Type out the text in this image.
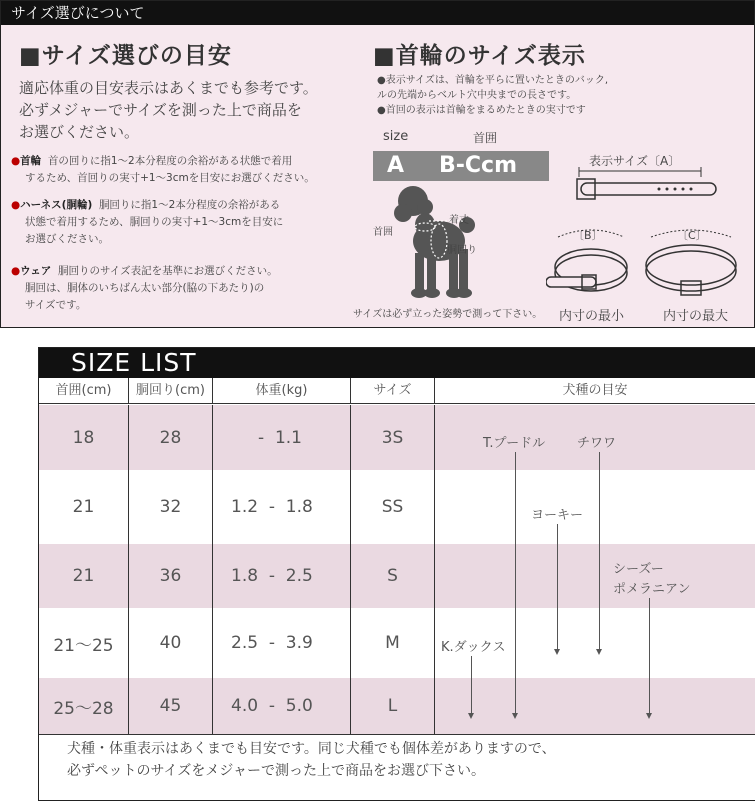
サイズ選びについて
■サイズ選びの目安
適応体重の目安表示はあくまでも参考です。
必ずメジャーでサイズを測った上で商品を
お選びください。
●首輪 首の回りに指1〜2本分程度の余裕がある状態で着用
するため、首回りの実寸+1〜3cmを目安にお選びください。
●ハーネス(胴輪) 胴回りに指1〜2本分程度の余裕がある
状態で着用するため、胴回りの実寸+1〜3cmを目安に
お選びください。
●ウェア 胴回りのサイズ表記を基準にお選びください。
胴回は、胴体のいちばん太い部分(脇の下あたり)の
サイズです。
■首輪のサイズ表示
●表示サイズは、首輪を平らに置いたときのバック,
ルの先端からベルト穴中央までの長さです。
●首回の表示は首輪をまるめたときの実寸です
size	首囲
A B-Ccm
首囲
着丈
胴回り
サイズは必ず立った姿勢で測って下さい。
表示サイズ〔A〕
〔B〕	〔C〕
内寸の最小	内寸の最大
SIZE LIST
首囲(cm)	胴回り(cm)	体重(kg)	サイズ	犬種の目安
18	28	-  1.1	3S
21	32	1.2  -  1.8	SS
21	36	1.8  -  2.5	S
21〜25	40	2.5  -  3.9	M
25〜28	45	4.0  -  5.0	L
T.プードル チワワ
ヨーキー
シーズー
ポメラニアン
K.ダックス
犬種・体重表示はあくまでも目安です。同じ犬種でも個体差がありますので、
必ずペットのサイズをメジャーで測った上で商品をお選び下さい。
